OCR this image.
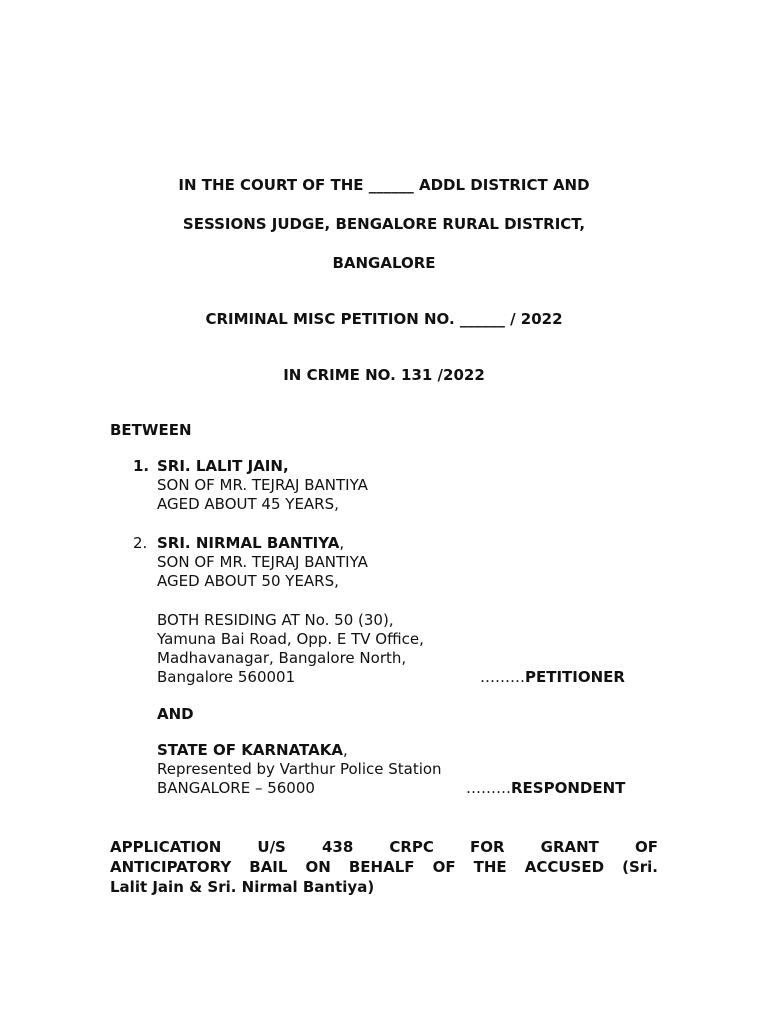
IN THE COURT OF THE ______ ADDL DISTRICT AND
SESSIONS JUDGE, BENGALORE RURAL DISTRICT,
BANGALORE
CRIMINAL MISC PETITION NO. ______ / 2022
IN CRIME NO. 131 /2022
BETWEEN
1. SRI. LALIT JAIN,
SON OF MR. TEJRAJ BANTIYA
AGED ABOUT 45 YEARS,
2. SRI. NIRMAL BANTIYA,
SON OF MR. TEJRAJ BANTIYA
AGED ABOUT 50 YEARS,
BOTH RESIDING AT No. 50 (30),
Yamuna Bai Road, Opp. E TV Office,
Madhavanagar, Bangalore North,
Bangalore 560001	………PETITIONER
AND
STATE OF KARNATAKA,
Represented by Varthur Police Station
BANGALORE – 56000	………RESPONDENT
APPLICATION U/S 438 CRPC FOR GRANT OF
ANTICIPATORY BAIL ON BEHALF OF THE ACCUSED (Sri.
Lalit Jain & Sri. Nirmal Bantiya)
